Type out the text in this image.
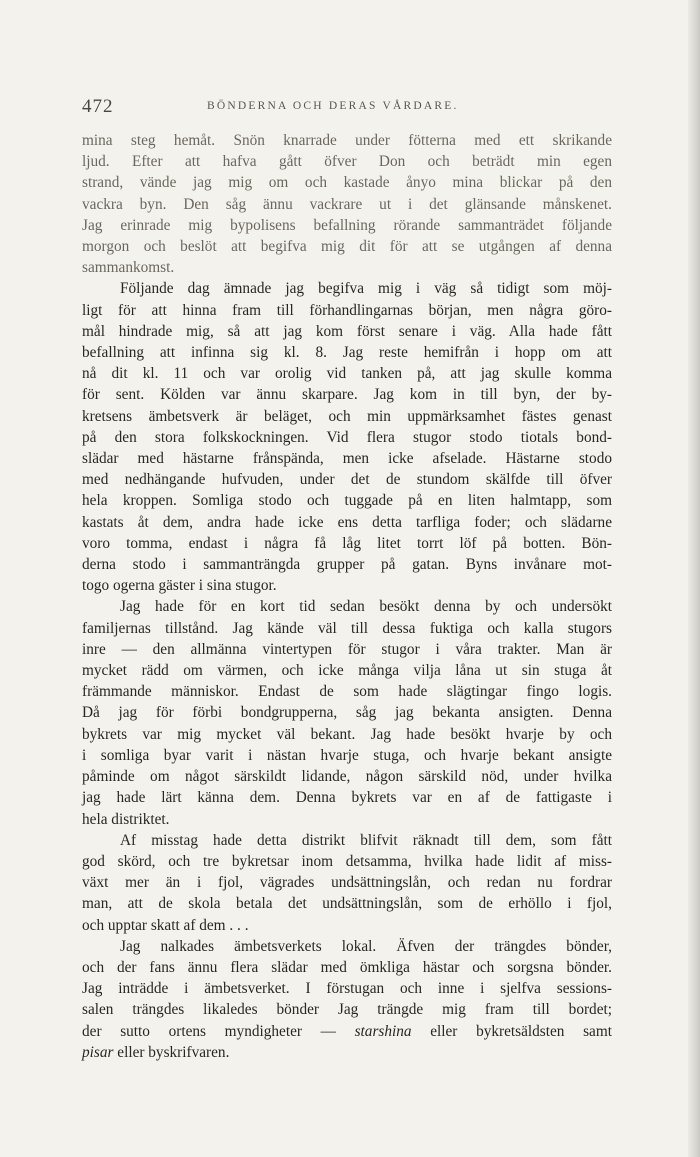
472	BÖNDERNA OCH DERAS VÅRDARE.
mina steg hemåt. Snön knarrade under fötterna med ett skrikande
ljud. Efter att hafva gått öfver Don och beträdt min egen
strand, vände jag mig om och kastade ånyo mina blickar på den
vackra byn. Den såg ännu vackrare ut i det glänsande månskenet.
Jag erinrade mig bypolisens befallning rörande sammanträdet följande
morgon och beslöt att begifva mig dit för att se utgången af denna
sammankomst.
Följande dag ämnade jag begifva mig i väg så tidigt som möj-
ligt för att hinna fram till förhandlingarnas början, men några göro-
mål hindrade mig, så att jag kom först senare i väg. Alla hade fått
befallning att infinna sig kl. 8. Jag reste hemifrån i hopp om att
nå dit kl. 11 och var orolig vid tanken på, att jag skulle komma
för sent. Kölden var ännu skarpare. Jag kom in till byn, der by-
kretsens ämbetsverk är beläget, och min uppmärksamhet fästes genast
på den stora folkskockningen. Vid flera stugor stodo tiotals bond-
slädar med hästarne frånspända, men icke afselade. Hästarne stodo
med nedhängande hufvuden, under det de stundom skälfde till öfver
hela kroppen. Somliga stodo och tuggade på en liten halmtapp, som
kastats åt dem, andra hade icke ens detta tarfliga foder; och slädarne
voro tomma, endast i några få låg litet torrt löf på botten. Bön-
derna stodo i sammanträngda grupper på gatan. Byns invånare mot-
togo ogerna gäster i sina stugor.
Jag hade för en kort tid sedan besökt denna by och undersökt
familjernas tillstånd. Jag kände väl till dessa fuktiga och kalla stugors
inre — den allmänna vintertypen för stugor i våra trakter. Man är
mycket rädd om värmen, och icke många vilja låna ut sin stuga åt
främmande människor. Endast de som hade slägtingar fingo logis.
Då jag för förbi bondgrupperna, såg jag bekanta ansigten. Denna
bykrets var mig mycket väl bekant. Jag hade besökt hvarje by och
i somliga byar varit i nästan hvarje stuga, och hvarje bekant ansigte
påminde om något särskildt lidande, någon särskild nöd, under hvilka
jag hade lärt känna dem. Denna bykrets var en af de fattigaste i
hela distriktet.
Af misstag hade detta distrikt blifvit räknadt till dem, som fått
god skörd, och tre bykretsar inom detsamma, hvilka hade lidit af miss-
växt mer än i fjol, vägrades undsättningslån, och redan nu fordrar
man, att de skola betala det undsättningslån, som de erhöllo i fjol,
och upptar skatt af dem . . .
Jag nalkades ämbetsverkets lokal. Äfven der trängdes bönder,
och der fans ännu flera slädar med ömkliga hästar och sorgsna bönder.
Jag inträdde i ämbetsverket. I förstugan och inne i sjelfva sessions-
salen trängdes likaledes bönder Jag trängde mig fram till bordet;
der sutto ortens myndigheter — starshina eller bykretsäldsten samt
pisar eller byskrifvaren.
